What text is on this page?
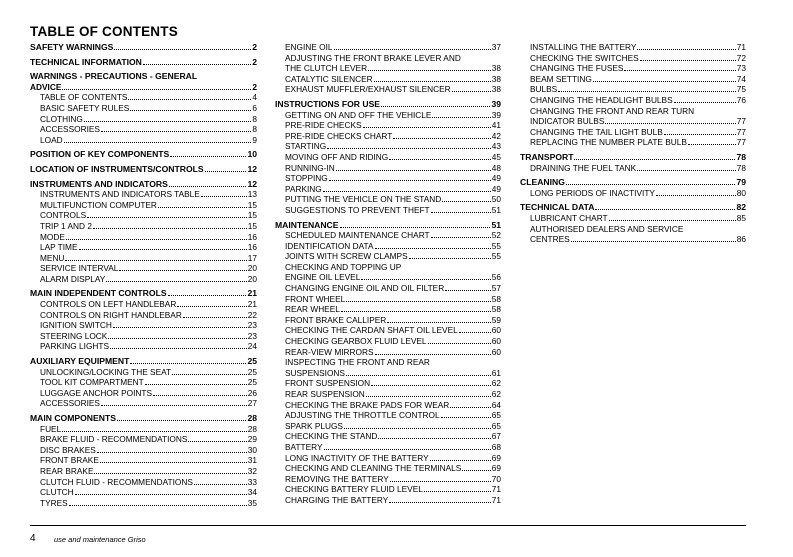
TABLE OF CONTENTS
SAFETY WARNINGS	2
TECHNICAL INFORMATION	2
WARNINGS - PRECAUTIONS - GENERAL
ADVICE	2
TABLE OF CONTENTS	4
BASIC SAFETY RULES	6
CLOTHING	8
ACCESSORIES	8
LOAD	9
POSITION OF KEY COMPONENTS	10
LOCATION OF INSTRUMENTS/CONTROLS	12
INSTRUMENTS AND INDICATORS	12
INSTRUMENTS AND INDICATORS TABLE	13
MULTIFUNCTION COMPUTER	15
CONTROLS	15
TRIP 1 AND 2	15
MODE	16
LAP TIME	16
MENU	17
SERVICE INTERVAL	20
ALARM DISPLAY	20
MAIN INDEPENDENT CONTROLS	21
CONTROLS ON LEFT HANDLEBAR	21
CONTROLS ON RIGHT HANDLEBAR	22
IGNITION SWITCH	23
STEERING LOCK	23
PARKING LIGHTS	24
AUXILIARY EQUIPMENT	25
UNLOCKING/LOCKING THE SEAT	25
TOOL KIT COMPARTMENT	25
LUGGAGE ANCHOR POINTS	26
ACCESSORIES	27
MAIN COMPONENTS	28
FUEL	28
BRAKE FLUID - RECOMMENDATIONS	29
DISC BRAKES	30
FRONT BRAKE	31
REAR BRAKE	32
CLUTCH FLUID - RECOMMENDATIONS	33
CLUTCH	34
TYRES	35
ENGINE OIL	37
ADJUSTING THE FRONT BRAKE LEVER AND
THE CLUTCH LEVER	38
CATALYTIC SILENCER	38
EXHAUST MUFFLER/EXHAUST SILENCER	38
INSTRUCTIONS FOR USE	39
GETTING ON AND OFF THE VEHICLE	39
PRE-RIDE CHECKS	41
PRE-RIDE CHECKS CHART	42
STARTING	43
MOVING OFF AND RIDING	45
RUNNING-IN	48
STOPPING	49
PARKING	49
PUTTING THE VEHICLE ON THE STAND	50
SUGGESTIONS TO PREVENT THEFT	51
MAINTENANCE	51
SCHEDULED MAINTENANCE CHART	52
IDENTIFICATION DATA	55
JOINTS WITH SCREW CLAMPS	55
CHECKING AND TOPPING UP
ENGINE OIL LEVEL	56
CHANGING ENGINE OIL AND OIL FILTER	57
FRONT WHEEL	58
REAR WHEEL	58
FRONT BRAKE CALLIPER	59
CHECKING THE CARDAN SHAFT OIL LEVEL	60
CHECKING GEARBOX FLUID LEVEL	60
REAR-VIEW MIRRORS	60
INSPECTING THE FRONT AND REAR
SUSPENSIONS	61
FRONT SUSPENSION	62
REAR SUSPENSION	62
CHECKING THE BRAKE PADS FOR WEAR	64
ADJUSTING THE THROTTLE CONTROL	65
SPARK PLUGS	65
CHECKING THE STAND	67
BATTERY	68
LONG INACTIVITY OF THE BATTERY	69
CHECKING AND CLEANING THE TERMINALS	69
REMOVING THE BATTERY	70
CHECKING BATTERY FLUID LEVEL	71
CHARGING THE BATTERY	71
INSTALLING THE BATTERY	71
CHECKING THE SWITCHES	72
CHANGING THE FUSES	73
BEAM SETTING	74
BULBS	75
CHANGING THE HEADLIGHT BULBS	76
CHANGING THE FRONT AND REAR TURN
INDICATOR BULBS	77
CHANGING THE TAIL LIGHT BULB	77
REPLACING THE NUMBER PLATE BULB	77
TRANSPORT	78
DRAINING THE FUEL TANK	78
CLEANING	79
LONG PERIODS OF INACTIVITY	80
TECHNICAL DATA	82
LUBRICANT CHART	85
AUTHORISED DEALERS AND SERVICE
CENTRES	86
4 use and maintenance Griso
